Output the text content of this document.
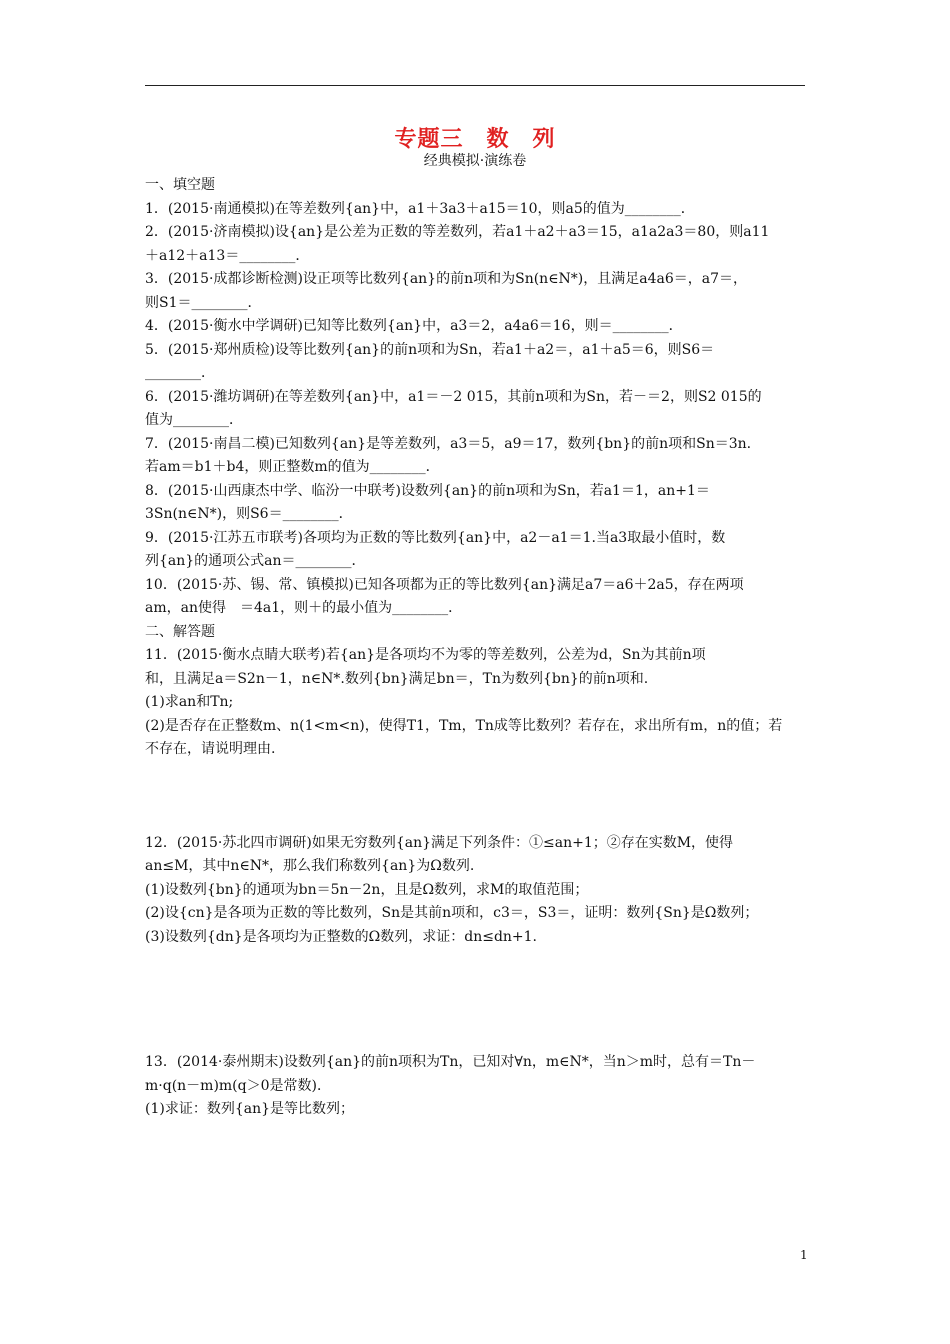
专题三　数　列
经典模拟·演练卷
一、填空题
1．(2015·南通模拟)在等差数列{an}中，a1＋3a3＋a15＝10，则a5的值为________．
2．(2015·济南模拟)设{an}是公差为正数的等差数列，若a1＋a2＋a3＝15，a1a2a3＝80，则a11
＋a12＋a13＝________．
3．(2015·成都诊断检测)设正项等比数列{an}的前n项和为Sn(n∈N*)，且满足a4a6＝，a7＝，
则S1＝________．
4．(2015·衡水中学调研)已知等比数列{an}中，a3＝2，a4a6＝16，则＝________．
5．(2015·郑州质检)设等比数列{an}的前n项和为Sn，若a1＋a2＝，a1＋a5＝6，则S6＝
________．
6．(2015·潍坊调研)在等差数列{an}中，a1＝－2 015，其前n项和为Sn，若－＝2，则S2 015的
值为________．
7．(2015·南昌二模)已知数列{an}是等差数列，a3＝5，a9＝17，数列{bn}的前n项和Sn＝3n.
若am＝b1＋b4，则正整数m的值为________．
8．(2015·山西康杰中学、临汾一中联考)设数列{an}的前n项和为Sn，若a1＝1，an+1＝
3Sn(n∈N*)，则S6＝________．
9．(2015·江苏五市联考)各项均为正数的等比数列{an}中，a2－a1＝1.当a3取最小值时，数
列{an}的通项公式an＝________．
10．(2015·苏、锡、常、镇模拟)已知各项都为正的等比数列{an}满足a7＝a6＋2a5，存在两项
am，an使得　＝4a1，则＋的最小值为________．
二、解答题
11．(2015·衡水点睛大联考)若{an}是各项均不为零的等差数列，公差为d，Sn为其前n项
和，且满足a＝S2n－1，n∈N*.数列{bn}满足bn＝，Tn为数列{bn}的前n项和.
(1)求an和Tn;
(2)是否存在正整数m、n(1<m<n)，使得T1，Tm，Tn成等比数列？若存在，求出所有m，n的值；若
不存在，请说明理由.
12．(2015·苏北四市调研)如果无穷数列{an}满足下列条件：①≤an+1；②存在实数M，使得
an≤M，其中n∈N*，那么我们称数列{an}为Ω数列.
(1)设数列{bn}的通项为bn＝5n－2n，且是Ω数列，求M的取值范围；
(2)设{cn}是各项为正数的等比数列，Sn是其前n项和，c3＝，S3＝，证明：数列{Sn}是Ω数列；
(3)设数列{dn}是各项均为正整数的Ω数列，求证：dn≤dn+1.
13．(2014·泰州期末)设数列{an}的前n项积为Tn，已知对∀n，m∈N*，当n＞m时，总有＝Tn－
m·q(n－m)m(q＞0是常数)．
(1)求证：数列{an}是等比数列；
1
